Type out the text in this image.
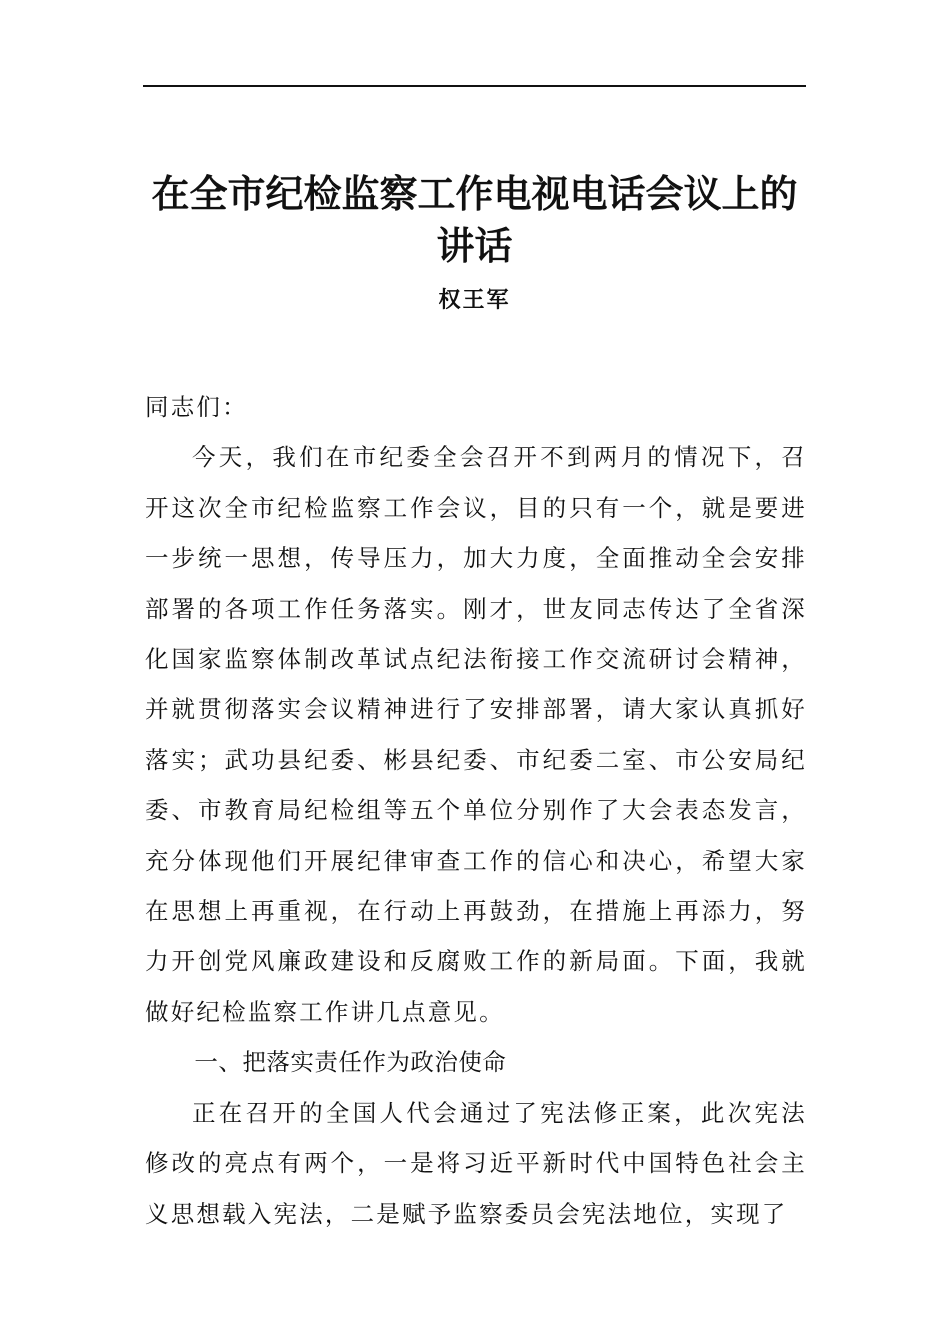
在全市纪检监察工作电视电话会议上的讲话
权王军

同志们：

今天，我们在市纪委全会召开不到两月的情况下，召开这次全市纪检监察工作会议，目的只有一个，就是要进一步统一思想，传导压力，加大力度，全面推动全会安排部署的各项工作任务落实。刚才，世友同志传达了全省深化国家监察体制改革试点纪法衔接工作交流研讨会精神，并就贯彻落实会议精神进行了安排部署，请大家认真抓好落实；武功县纪委、彬县纪委、市纪委二室、市公安局纪委、市教育局纪检组等五个单位分别作了大会表态发言，充分体现他们开展纪律审查工作的信心和决心，希望大家在思想上再重视，在行动上再鼓劲，在措施上再添力，努力开创党风廉政建设和反腐败工作的新局面。下面，我就做好纪检监察工作讲几点意见。

一、把落实责任作为政治使命

正在召开的全国人代会通过了宪法修正案，此次宪法修改的亮点有两个，一是将习近平新时代中国特色社会主义思想载入宪法，二是赋予监察委员会宪法地位，实现了
